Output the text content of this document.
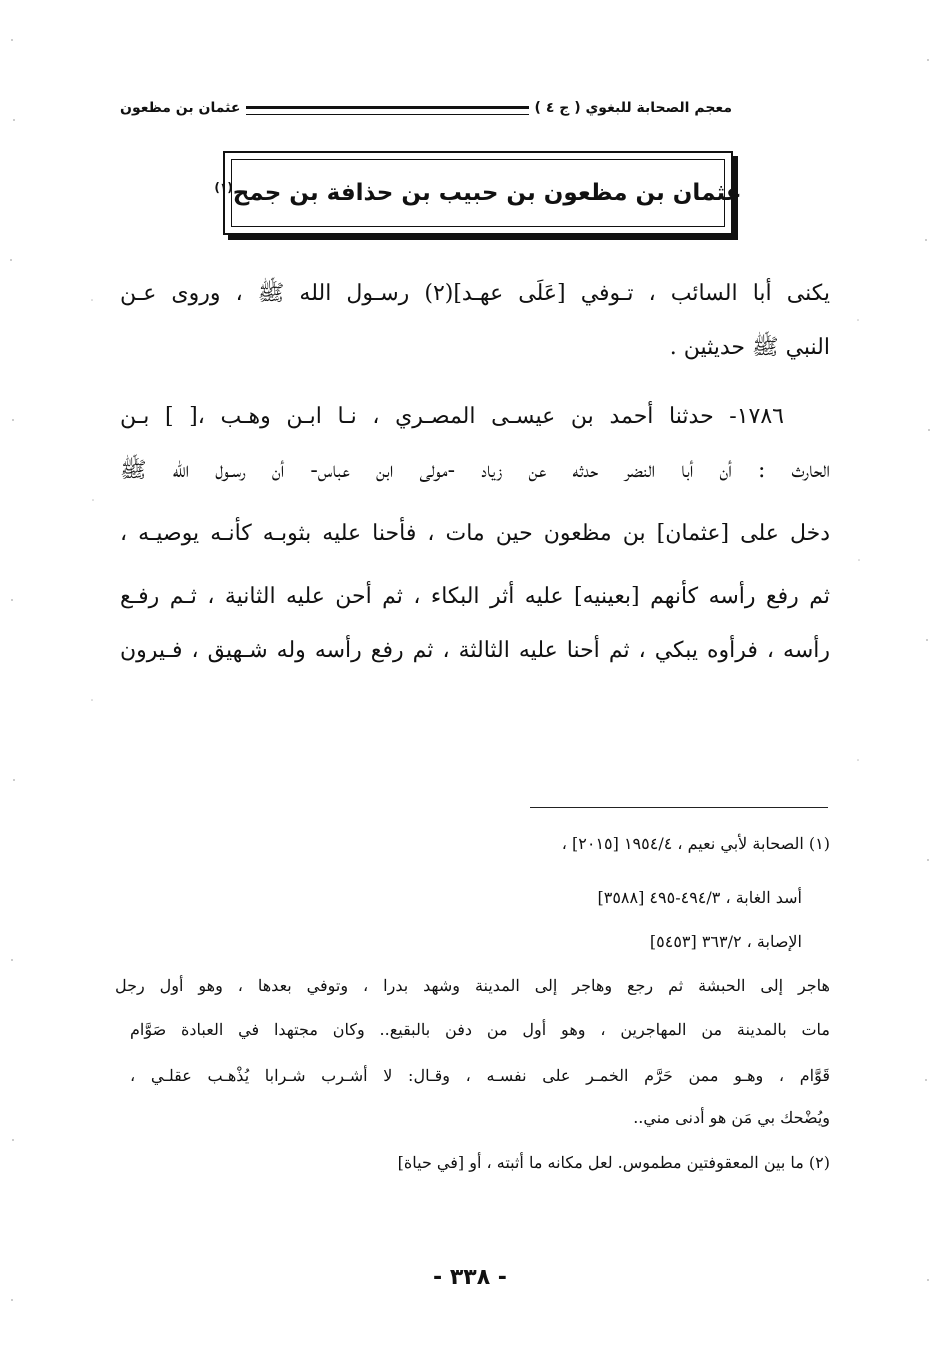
معجم الصحابة للبغوي ( ج ٤ )
عثمان بن مظعون
عثمان بن مظعون بن حبيب بن حذافة بن جمح$^{(١)}$
يكنى أبا السائب ، تـوفي [عَلَى عهـد](٢) رسـول الله ﷺ ، وروى عـن
النبي ﷺ حديثين .
١٧٨٦- حدثنا أحمد بن عيسـى المصـري ، نـا ابـن وهـب ،[ ] بـن
الحارث : أن أبا النضر حدثه عن زياد -مولى ابن عباس- أن رسـول الله ﷺ
دخل على [عثمان] بن مظعون حين مات ، فأحنا عليه بثوبـه كأنـه يوصيـه ،
ثم رفع رأسه كأنهم [بعينيه] عليه أثر البكاء ، ثم أحن عليه الثانية ، ثـم رفـع
رأسه ، فرأوه يبكي ، ثم أحنا عليه الثالثة ، ثم رفع رأسه وله شـهيق ، فـيرون
(١) الصحابة لأبي نعيم ، ١٩٥٤/٤ [٢٠١٥] ،
أسد الغابة ، ٤٩٤/٣-٤٩٥ [٣٥٨٨]
الإصابة ، ٣٦٣/٢ [٥٤٥٣]
هاجر إلى الحبشة ثم رجع وهاجر إلى المدينة وشهد بدرا ، وتوفي بعدها ، وهو أول رجل
مات بالمدينة من المهاجرين ، وهو أول من دفن بالبقيع.. وكان مجتهدا في العبادة صَوَّام
قَوَّام ، وهـو ممن حَرَّم الخمـر على نفسـه ، وقـال: لا أشـرب شـرابا يُذْهـب عقلـي ،
ويُضْحك بي مَن هو أدنى مني..
(٢) ما بين المعقوفتين مطموس. لعل مكانه ما أثبته ، أو [في حياة]
- ٣٣٨ -
